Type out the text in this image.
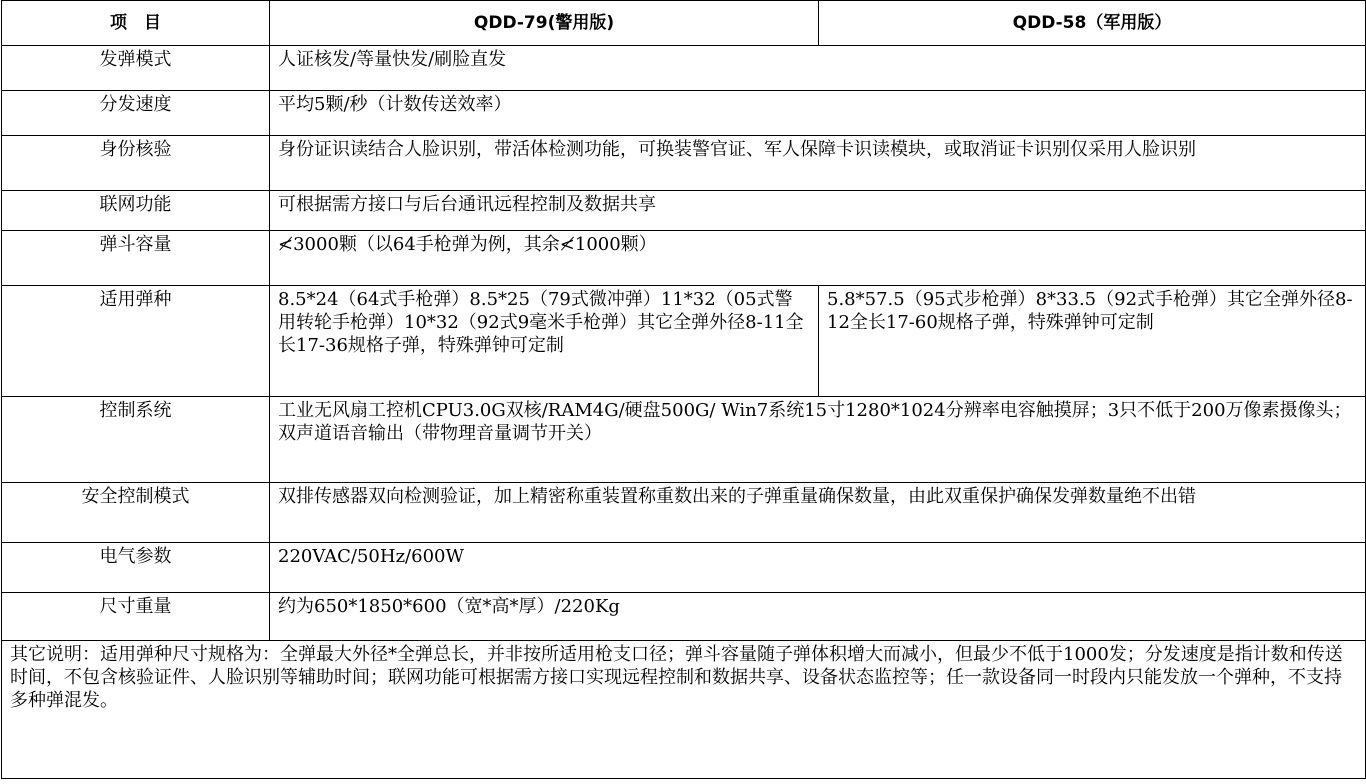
项　目	QDD-79(警用版)	QDD-58（军用版）
发弹模式	人证核发/等量快发/刷脸直发	
分发速度	平均5颗/秒（计数传送效率）	
身份核验	身份证识读结合人脸识别，带活体检测功能，可换装警官证、军人保障卡识读模块，或取消证卡识别仅采用人脸识别	
联网功能	可根据需方接口与后台通讯远程控制及数据共享	
弹斗容量	≮3000颗（以64手枪弹为例，其余≮1000颗）	
适用弹种	8.5*24（64式手枪弹）8.5*25（79式微冲弹）11*32（05式警用转轮手枪弹）10*32（92式9毫米手枪弹）其它全弹外径8-11全长17-36规格子弹，特殊弹钟可定制	5.8*57.5（95式步枪弹）8*33.5（92式手枪弹）其它全弹外径8-12全长17-60规格子弹，特殊弹钟可定制
控制系统	工业无风扇工控机CPU3.0G双核/RAM4G/硬盘500G/ Win7系统15寸1280*1024分辨率电容触摸屏；3只不低于200万像素摄像头；双声道语音输出（带物理音量调节开关）	
安全控制模式	双排传感器双向检测验证，加上精密称重装置称重数出来的子弹重量确保数量，由此双重保护确保发弹数量绝不出错	
电气参数	220VAC/50Hz/600W	
尺寸重量	约为650*1850*600（宽*高*厚）/220Kg	
其它说明：适用弹种尺寸规格为：全弹最大外径*全弹总长，并非按所适用枪支口径；弹斗容量随子弹体积增大而减小，但最少不低于1000发；分发速度是指计数和传送时间，不包含核验证件、人脸识别等辅助时间；联网功能可根据需方接口实现远程控制和数据共享、设备状态监控等；任一款设备同一时段内只能发放一个弹种，不支持多种弹混发。		
